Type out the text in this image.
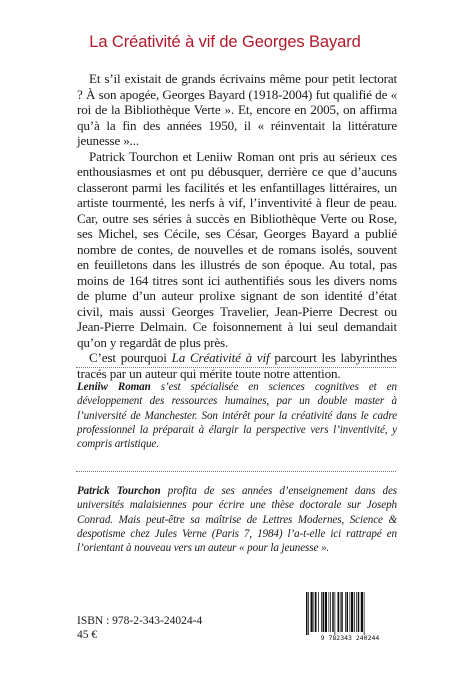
La Créativité à vif de Georges Bayard

Et s’il existait de grands écrivains même pour petit lectorat ? À son apogée, Georges Bayard (1918-2004) fut qualifié de « roi de la Bibliothèque Verte ». Et, encore en 2005, on affirma qu’à la fin des années 1950, il « réinventait la littérature jeunesse »...

Patrick Tourchon et Leniiw Roman ont pris au sérieux ces enthousiasmes et ont pu débusquer, derrière ce que d’aucuns classeront parmi les facilités et les enfantillages littéraires, un artiste tourmenté, les nerfs à vif, l’inventivité à fleur de peau. Car, outre ses séries à succès en Bibliothèque Verte ou Rose, ses Michel, ses Cécile, ses César, Georges Bayard a publié nombre de contes, de nouvelles et de romans isolés, souvent en feuilletons dans les illustrés de son époque. Au total, pas moins de 164 titres sont ici authentifiés sous les divers noms de plume d’un auteur prolixe signant de son identité d’état civil, mais aussi Georges Travelier, Jean-Pierre Decrest ou Jean-Pierre Delmain. Ce foisonnement à lui seul demandait qu’on y regardât de plus près.

C’est pourquoi La Créativité à vif parcourt les labyrinthes tracés par un auteur qui mérite toute notre attention.

Leniiw Roman s’est spécialisée en sciences cognitives et en développement des ressources humaines, par un double master à l’université de Manchester. Son intérêt pour la créativité dans le cadre professionnel la préparait à élargir la perspective vers l’inventivité, y compris artistique.

Patrick Tourchon profita de ses années d’enseignement dans des universités malaisiennes pour écrire une thèse doctorale sur Joseph Conrad. Mais peut-être sa maîtrise de Lettres Modernes, Science & despotisme chez Jules Verne (Paris 7, 1984) l’a-t-elle ici rattrapé en l’orientant à nouveau vers un auteur « pour la jeunesse ».

ISBN : 978-2-343-24024-4
45 €	9 782343 240244
